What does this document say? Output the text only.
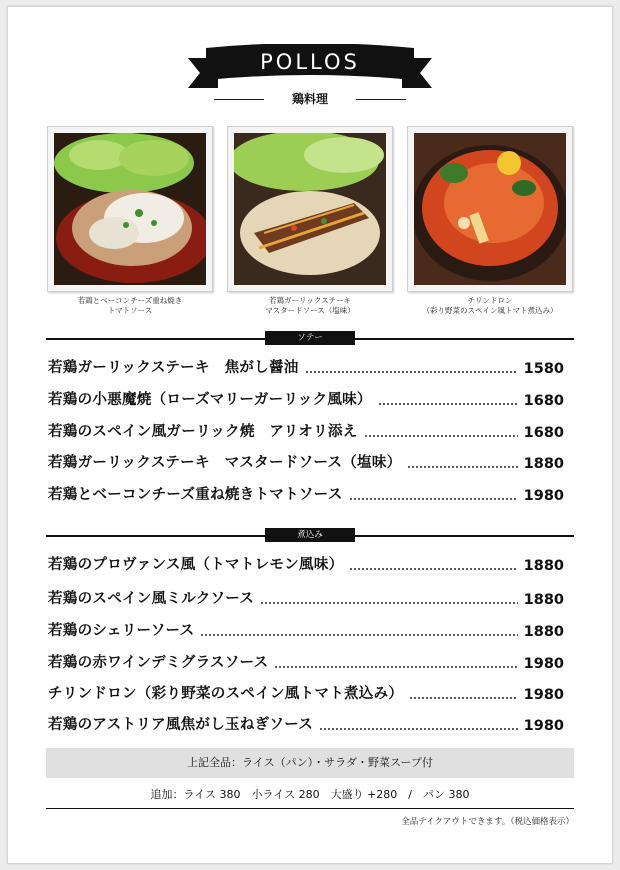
POLLOS
鶏料理
若鶏とベーコンチーズ重ね焼き
トマトソース
若鶏ガーリックステーキ
マスタードソース（塩味）
チリンドロン
（彩り野菜のスペイン風トマト煮込み）
ソテー
若鶏ガーリックステーキ　焦がし醤油	1580
若鶏の小悪魔焼（ローズマリーガーリック風味）	1680
若鶏のスペイン風ガーリック焼　アリオリ添え	1680
若鶏ガーリックステーキ　マスタードソース（塩味）	1880
若鶏とベーコンチーズ重ね焼きトマトソース	1980
煮込み
若鶏のプロヴァンス風（トマトレモン風味）	1880
若鶏のスペイン風ミルクソース	1880
若鶏のシェリーソース	1880
若鶏の赤ワインデミグラスソース	1980
チリンドロン（彩り野菜のスペイン風トマト煮込み）	1980
若鶏のアストリア風焦がし玉ねぎソース	1980
上記全品：ライス（パン）・サラダ・野菜スープ付
追加：ライス 380　小ライス 280　大盛り +280　/　パン 380
全品テイクアウトできます。（税込価格表示）
